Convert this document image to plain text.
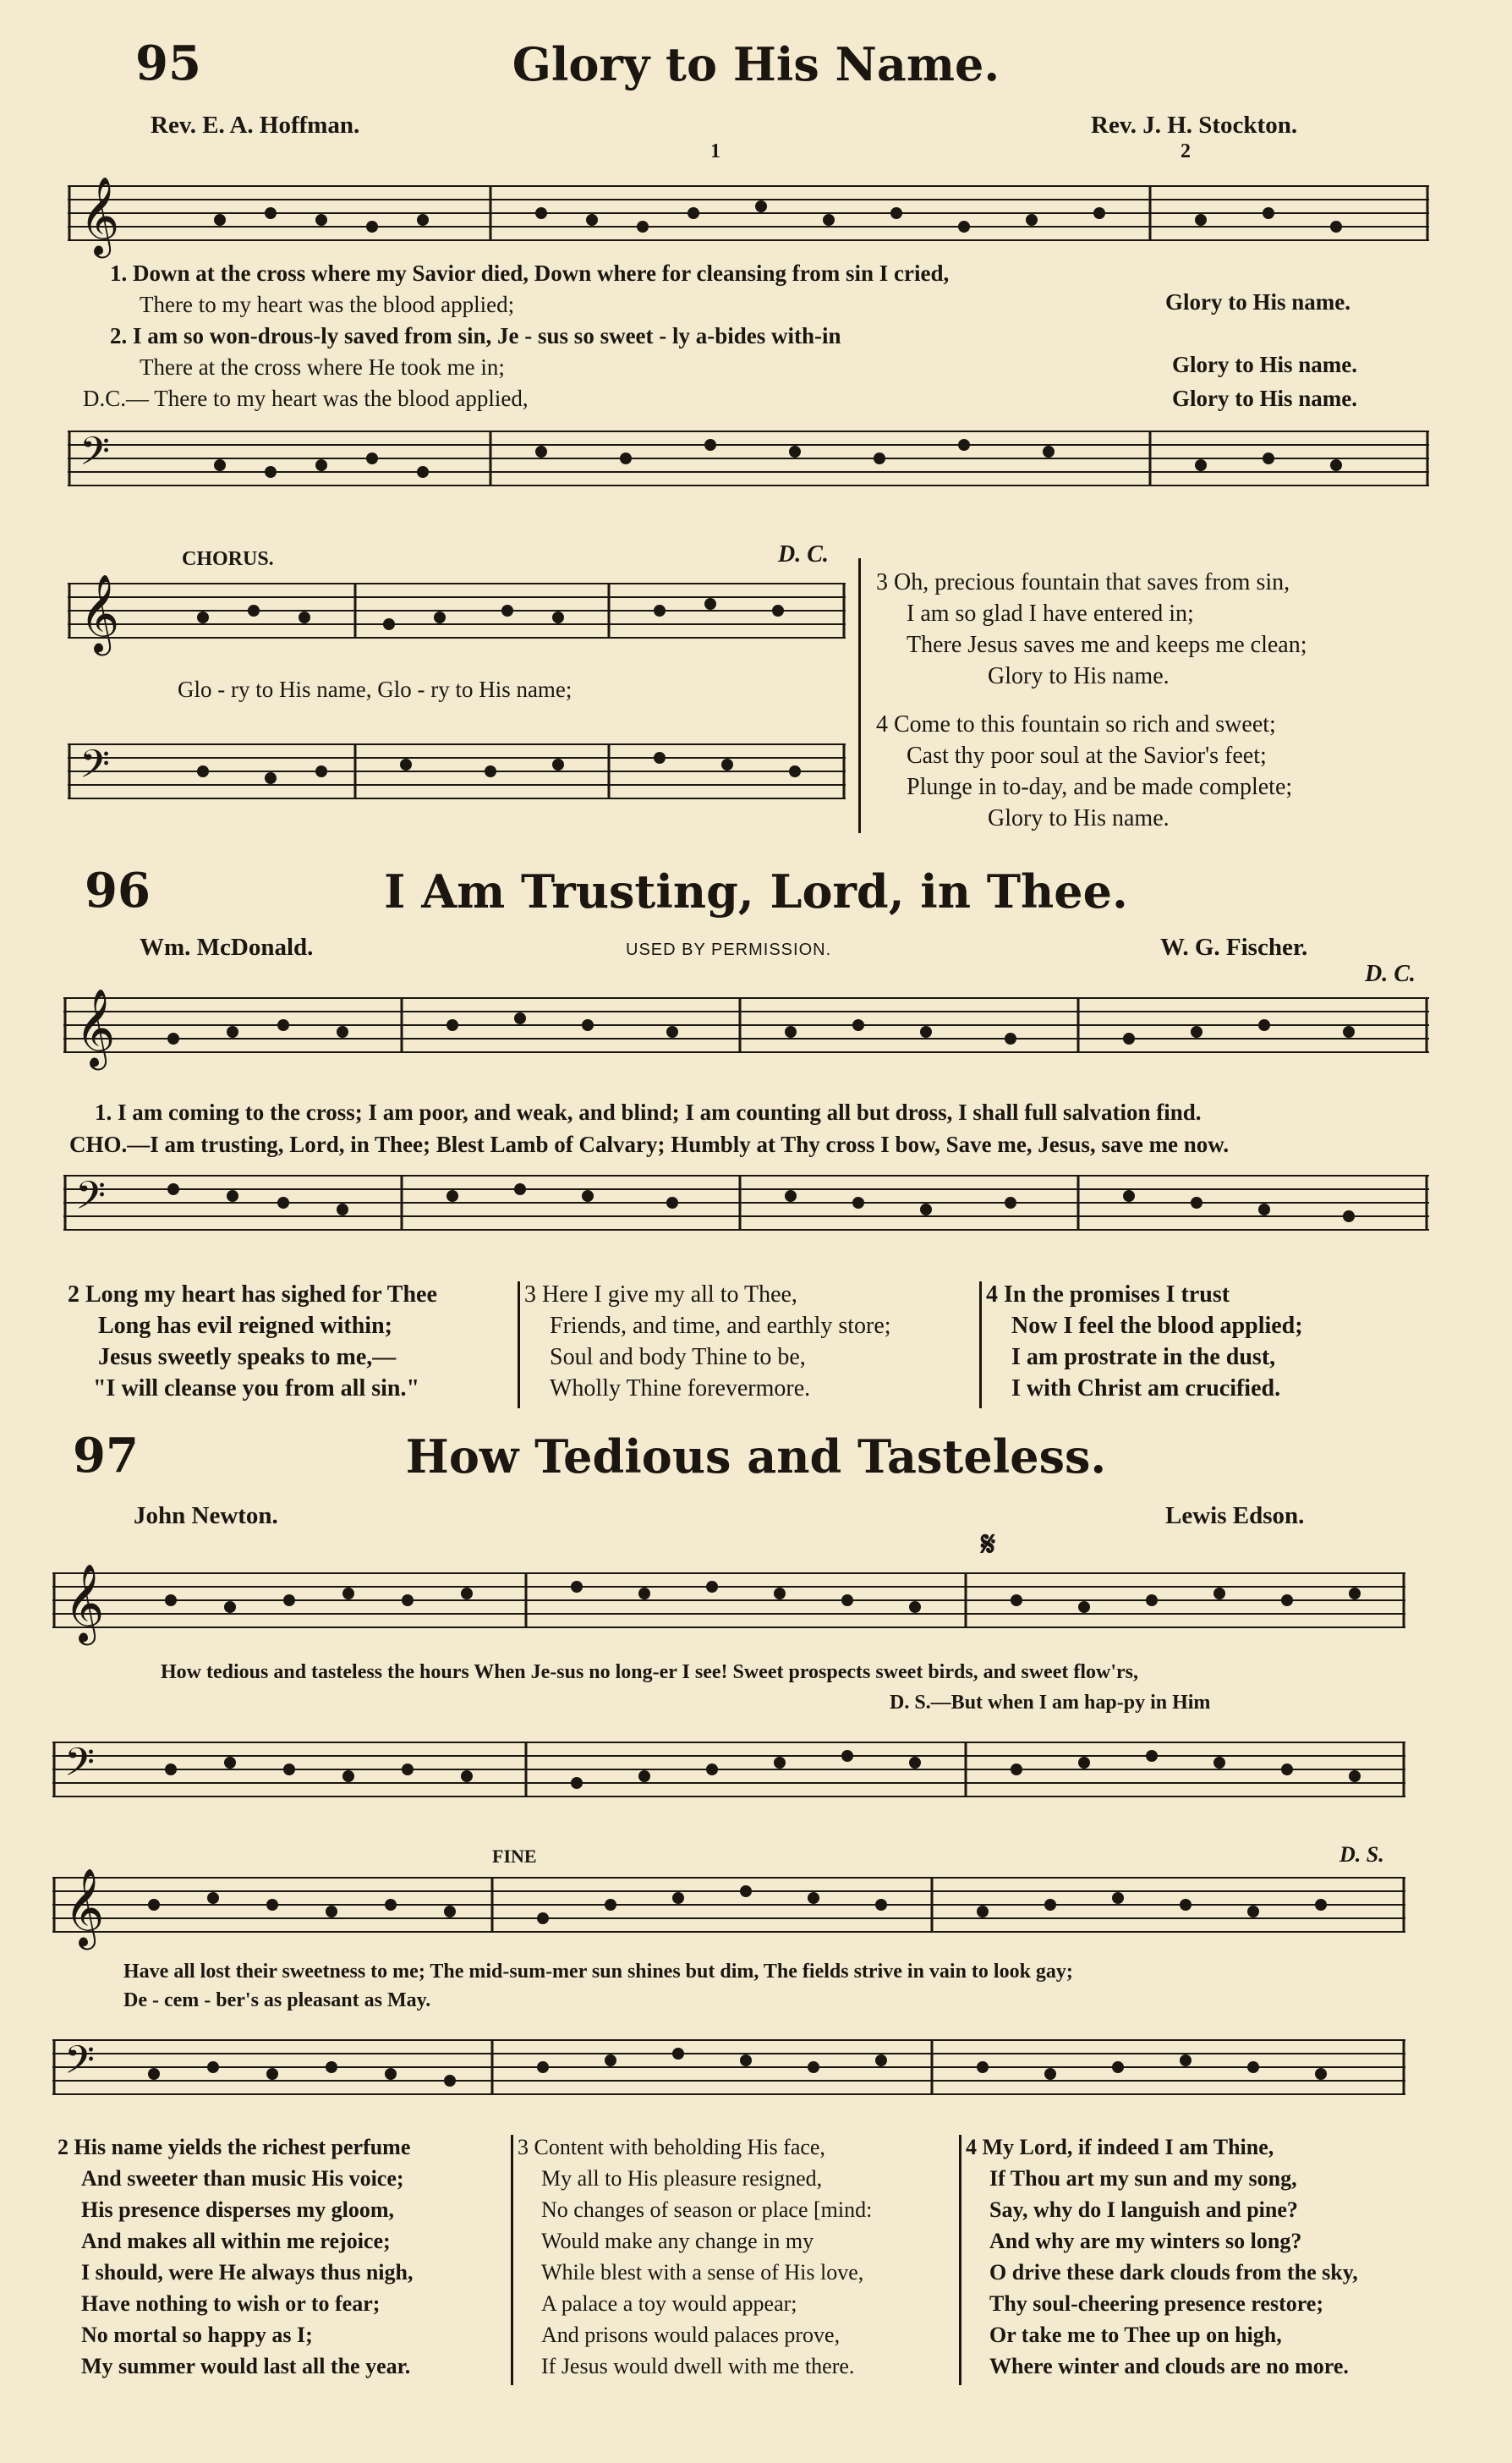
95	Glory to His Name.
Rev. E. A. Hoffman.	Rev. J. H. Stockton.
𝄞
1	2
1. Down at the cross where my Savior died, Down where for cleansing from sin I cried,
There to my heart was the blood applied;	Glory to His name.
2. I am so won-drous-ly saved from sin, Je - sus so sweet - ly a-bides with-in
There at the cross where He took me in;	Glory to His name.
D.C.— There to my heart was the blood applied,	Glory to His name.
𝄢
CHORUS.	D. C.
𝄞
Glo - ry to His name, Glo - ry to His name;
𝄢
3 Oh, precious fountain that saves from sin,
I am so glad I have entered in;
There Jesus saves me and keeps me clean;
Glory to His name.
4 Come to this fountain so rich and sweet;
Cast thy poor soul at the Savior's feet;
Plunge in to-day, and be made complete;
Glory to His name.
96	I Am Trusting, Lord, in Thee.
Wm. McDonald.	USED BY PERMISSION.	W. G. Fischer.
D. C.
𝄞
1. I am coming to the cross; I am poor, and weak, and blind; I am counting all but dross, I shall full salvation find.
CHO.—I am trusting, Lord, in Thee; Blest Lamb of Calvary; Humbly at Thy cross I bow, Save me, Jesus, save me now.
𝄢
2 Long my heart has sighed for Thee
Long has evil reigned within;
Jesus sweetly speaks to me,—
"I will cleanse you from all sin."
3 Here I give my all to Thee,
Friends, and time, and earthly store;
Soul and body Thine to be,
Wholly Thine forevermore.
4 In the promises I trust
Now I feel the blood applied;
I am prostrate in the dust,
I with Christ am crucified.
97	How Tedious and Tasteless.
John Newton.	Lewis Edson.
𝄋
𝄞
How tedious and tasteless the hours When Je-sus no long-er I see! Sweet prospects sweet birds, and sweet flow'rs,
D. S.—But when I am hap-py in Him
𝄢
FINE	D. S.
𝄞
Have all lost their sweetness to me; The mid-sum-mer sun shines but dim, The fields strive in vain to look gay;
De - cem - ber's as pleasant as May.
𝄢
2 His name yields the richest perfume
And sweeter than music His voice;
His presence disperses my gloom,
And makes all within me rejoice;
I should, were He always thus nigh,
Have nothing to wish or to fear;
No mortal so happy as I;
My summer would last all the year.
3 Content with beholding His face,
My all to His pleasure resigned,
No changes of season or place [mind:
Would make any change in my
While blest with a sense of His love,
A palace a toy would appear;
And prisons would palaces prove,
If Jesus would dwell with me there.
4 My Lord, if indeed I am Thine,
If Thou art my sun and my song,
Say, why do I languish and pine?
And why are my winters so long?
O drive these dark clouds from the sky,
Thy soul-cheering presence restore;
Or take me to Thee up on high,
Where winter and clouds are no more.
